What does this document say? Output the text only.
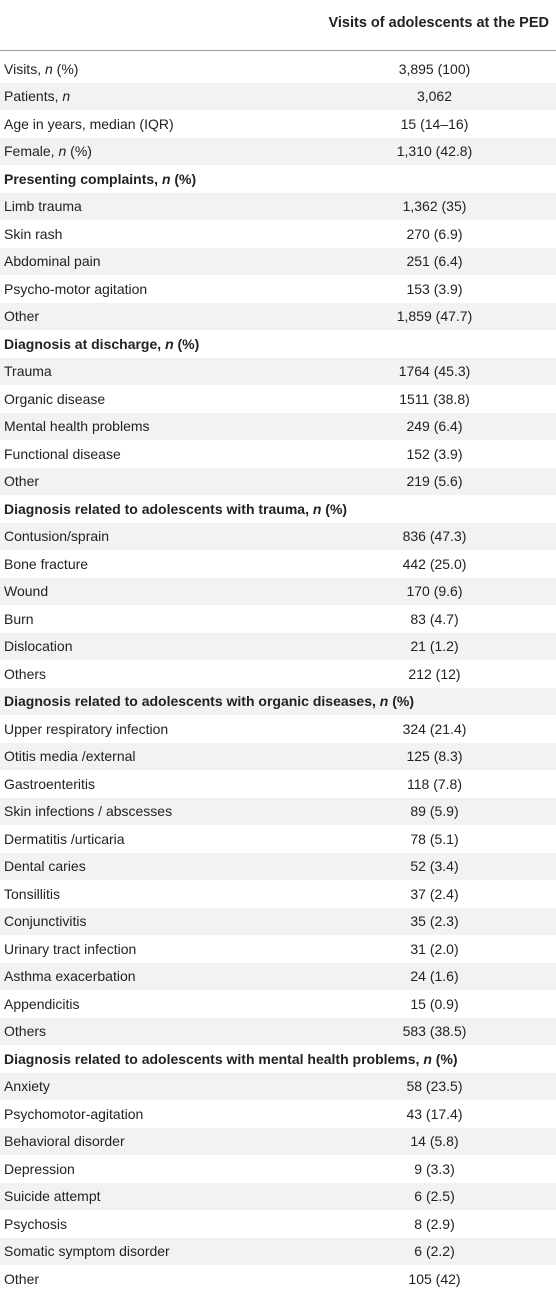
Visits of adolescents at the PED
Visits, n (%)	3,895 (100)
Patients, n	3,062
Age in years, median (IQR)	15 (14–16)
Female, n (%)	1,310 (42.8)
Presenting complaints, n (%)
Limb trauma	1,362 (35)
Skin rash	270 (6.9)
Abdominal pain	251 (6.4)
Psycho-motor agitation	153 (3.9)
Other	1,859 (47.7)
Diagnosis at discharge, n (%)
Trauma	1764 (45.3)
Organic disease	1511 (38.8)
Mental health problems	249 (6.4)
Functional disease	152 (3.9)
Other	219 (5.6)
Diagnosis related to adolescents with trauma, n (%)
Contusion/sprain	836 (47.3)
Bone fracture	442 (25.0)
Wound	170 (9.6)
Burn	83 (4.7)
Dislocation	21 (1.2)
Others	212 (12)
Diagnosis related to adolescents with organic diseases, n (%)
Upper respiratory infection	324 (21.4)
Otitis media /external	125 (8.3)
Gastroenteritis	118 (7.8)
Skin infections / abscesses	89 (5.9)
Dermatitis /urticaria	78 (5.1)
Dental caries	52 (3.4)
Tonsillitis	37 (2.4)
Conjunctivitis	35 (2.3)
Urinary tract infection	31 (2.0)
Asthma exacerbation	24 (1.6)
Appendicitis	15 (0.9)
Others	583 (38.5)
Diagnosis related to adolescents with mental health problems, n (%)
Anxiety	58 (23.5)
Psychomotor-agitation	43 (17.4)
Behavioral disorder	14 (5.8)
Depression	9 (3.3)
Suicide attempt	6 (2.5)
Psychosis	8 (2.9)
Somatic symptom disorder	6 (2.2)
Other	105 (42)
